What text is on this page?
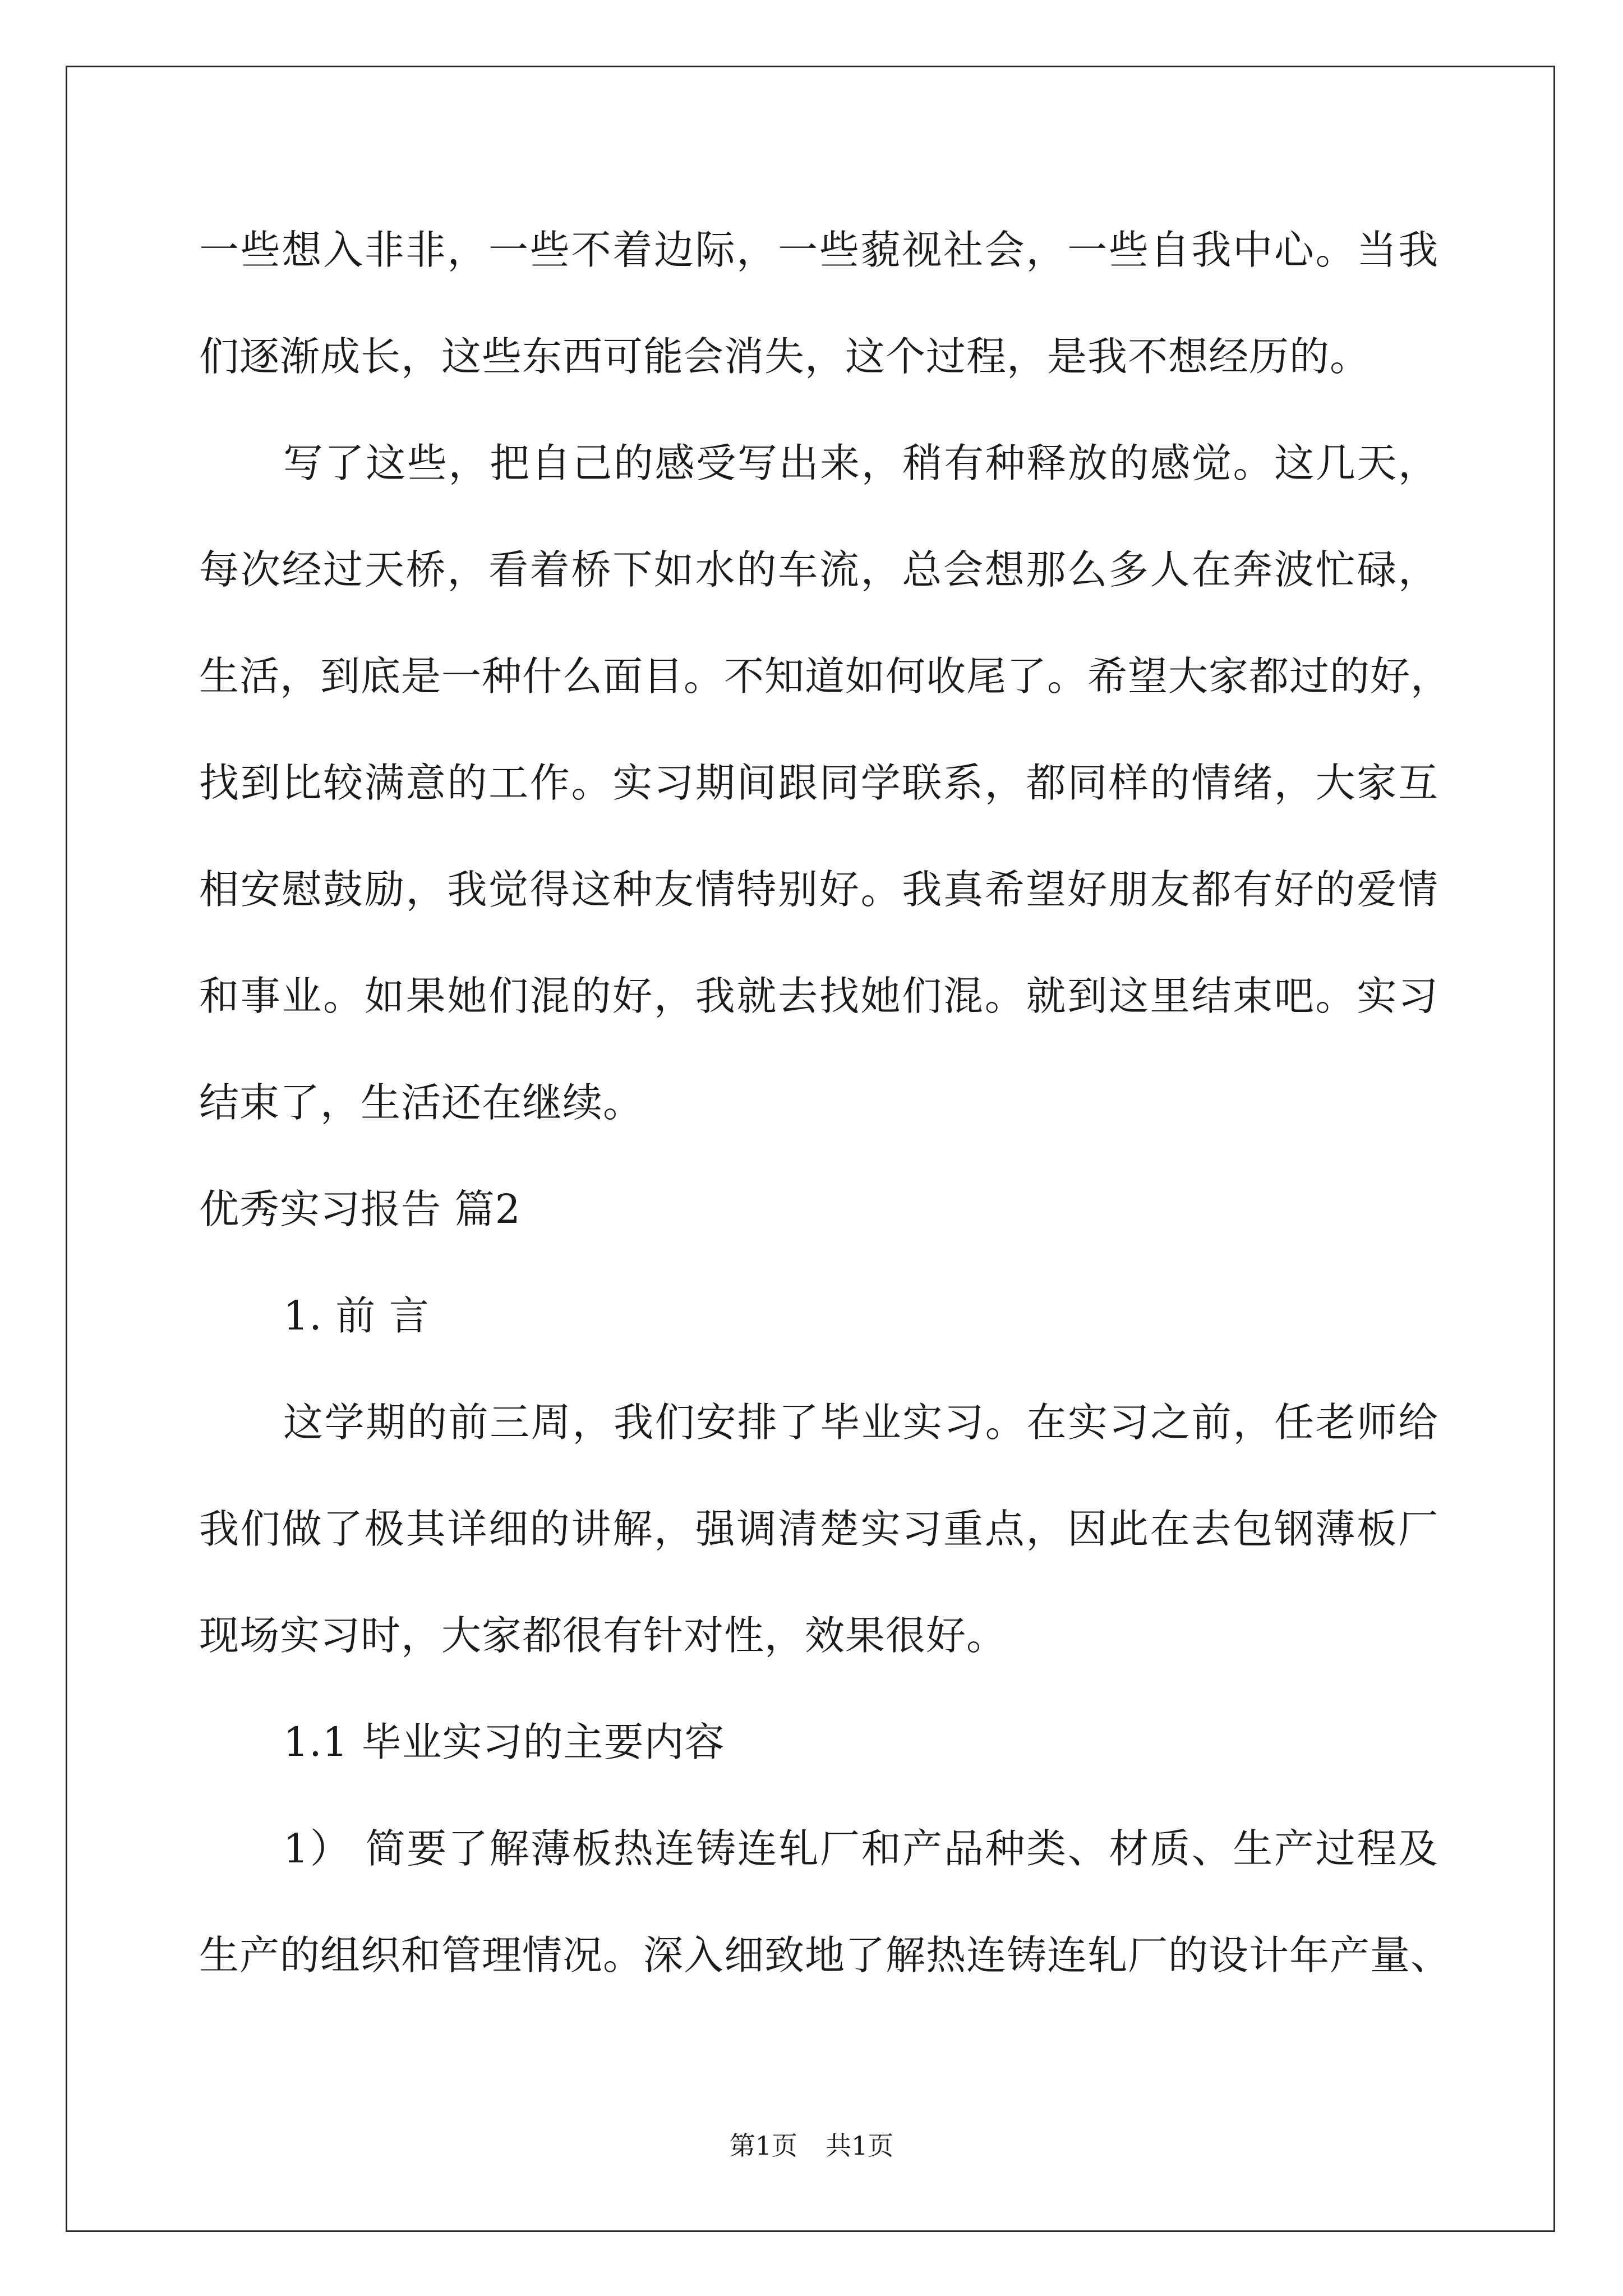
一些想入非非，一些不着边际，一些藐视社会，一些自我中心。当我
们逐渐成长，这些东西可能会消失，这个过程，是我不想经历的。
写了这些，把自己的感受写出来，稍有种释放的感觉。这几天，
每次经过天桥，看着桥下如水的车流，总会想那么多人在奔波忙碌，
生活，到底是一种什么面目。不知道如何收尾了。希望大家都过的好，
找到比较满意的工作。实习期间跟同学联系，都同样的情绪，大家互
相安慰鼓励，我觉得这种友情特别好。我真希望好朋友都有好的爱情
和事业。如果她们混的好，我就去找她们混。就到这里结束吧。实习
结束了，生活还在继续。
优秀实习报告 篇2
1. 前 言
这学期的前三周，我们安排了毕业实习。在实习之前，任老师给
我们做了极其详细的讲解，强调清楚实习重点，因此在去包钢薄板厂
现场实习时，大家都很有针对性，效果很好。
1.1 毕业实习的主要内容
1） 简要了解薄板热连铸连轧厂和产品种类、材质、生产过程及
生产的组织和管理情况。深入细致地了解热连铸连轧厂的设计年产量、
第1页 共1页
